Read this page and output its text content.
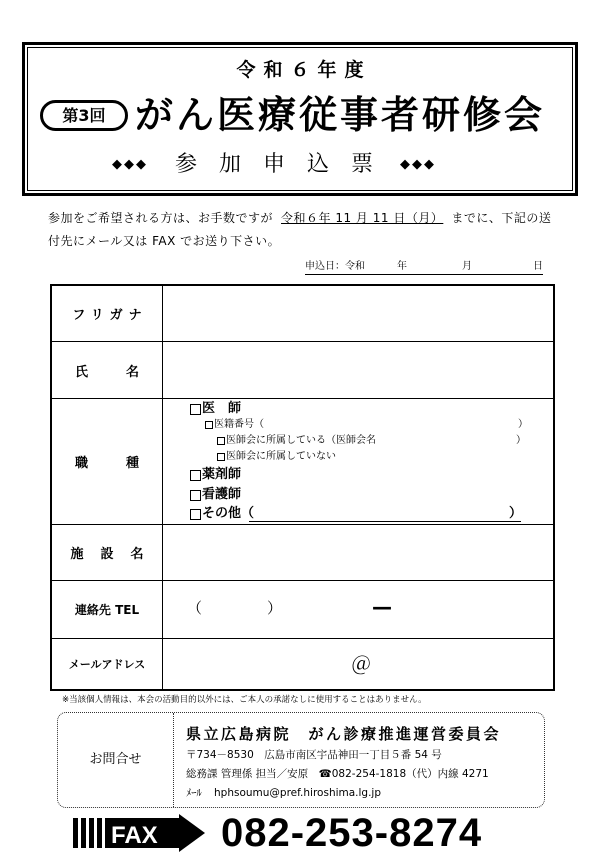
令和６年度
第3回 がん医療従事者研修会
◆◆◆ 参加申込票 ◆◆◆
参加をご希望される方は、お手数ですが 令和６年 11 月 11 日（月） までに、下記の送
付先にメール又は FAX でお送り下さい。
申込日：令和	年	月	日
フリガナ
氏　　名
職　　種
医　師
医籍番号（	）
医師会に所属している（医師会名	）
医師会に所属していない
薬剤師
看護師
その他（	）
施　設　名
連絡先 TEL	（	）	—
メールアドレス	＠
※当該個人情報は、本会の活動目的以外には、ご本人の承諾なしに使用することはありません。
お問合せ
県立広島病院　がん診療推進運営委員会
〒734－8530　広島市南区宇品神田一丁目５番 54 号
総務課 管理係 担当／安原　☎082-254-1818（代）内線 4271
ﾒｰﾙ hphsoumu@pref.hiroshima.lg.jp
FAX 082-253-8274
